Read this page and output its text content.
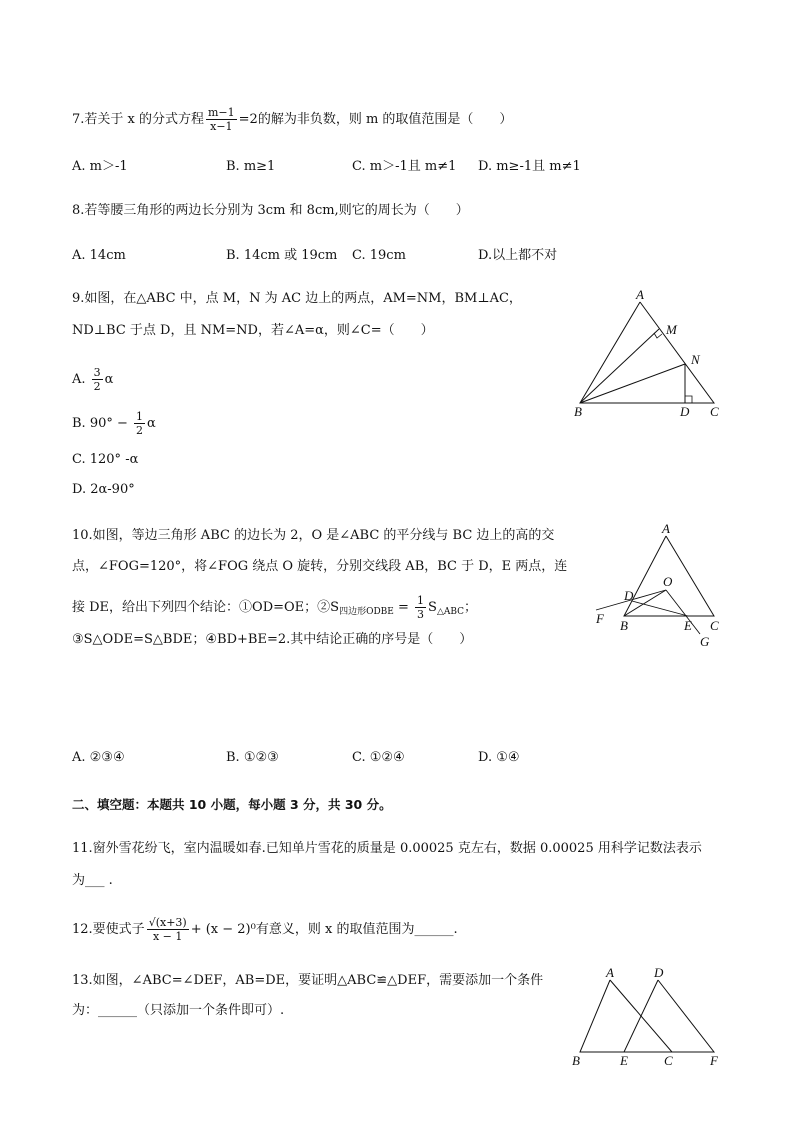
7.若关于 x 的分式方程 $\frac{m-1}{x-1} =2$的解为非负数，则 m 的取值范围是（　　）
A. m＞-1	B. m≥1	C. m＞-1且 m≠1 D. m≥-1且 m≠1
8.若等腰三角形的两边长分别为 3cm 和 8cm,则它的周长为（　　）
A. 14cm	B. 14cm 或 19cm C. 19cm	D.以上都不对
9.如图，在△ABC 中，点 M，N 为 AC 边上的两点，AM=NM，BM⊥AC，
ND⊥BC 于点 D，且 NM=ND，若∠A=α，则∠C=（　　）
A. $\frac{3}{2}$ α
B. $90^\circ - \frac{1}{2}$ α
C. 120° -α
D. 2α-90°
A
M
N
B	D C
10.如图，等边三角形 ABC 的边长为 2，O 是∠ABC 的平分线与 BC 边上的高的交
点，∠FOG=120°，将∠FOG 绕点 O 旋转，分别交线段 AB，BC 于 D，E 两点，连
接 DE，给出下列四个结论：①OD=OE；$②S_{四边形ODBE} = \frac{1}{3} S_{\triangle ABC}$；
③S△ODE=S△BDE；④BD+BE=2.其中结论正确的序号是（　　）
A
O
D
F B	E C
G
A. ②③④	B. ①②③	C. ①②④	D. ①④
二、填空题：本题共 10 小题，每小题 3 分，共 30 分。
11.窗外雪花纷飞，室内温暖如春.已知单片雪花的质量是 0.00025 克左右，数据 0.00025 用科学记数法表示
为___ .
12.要使式子 $\frac{√(x+3)}{x - 1} + (x - 2)^0$有意义，则 x 的取值范围为______.
13.如图，∠ABC=∠DEF，AB=DE，要证明△ABC≌△DEF，需要添加一个条件
为：______（只添加一个条件即可）.
A	D
B	E	C	F
